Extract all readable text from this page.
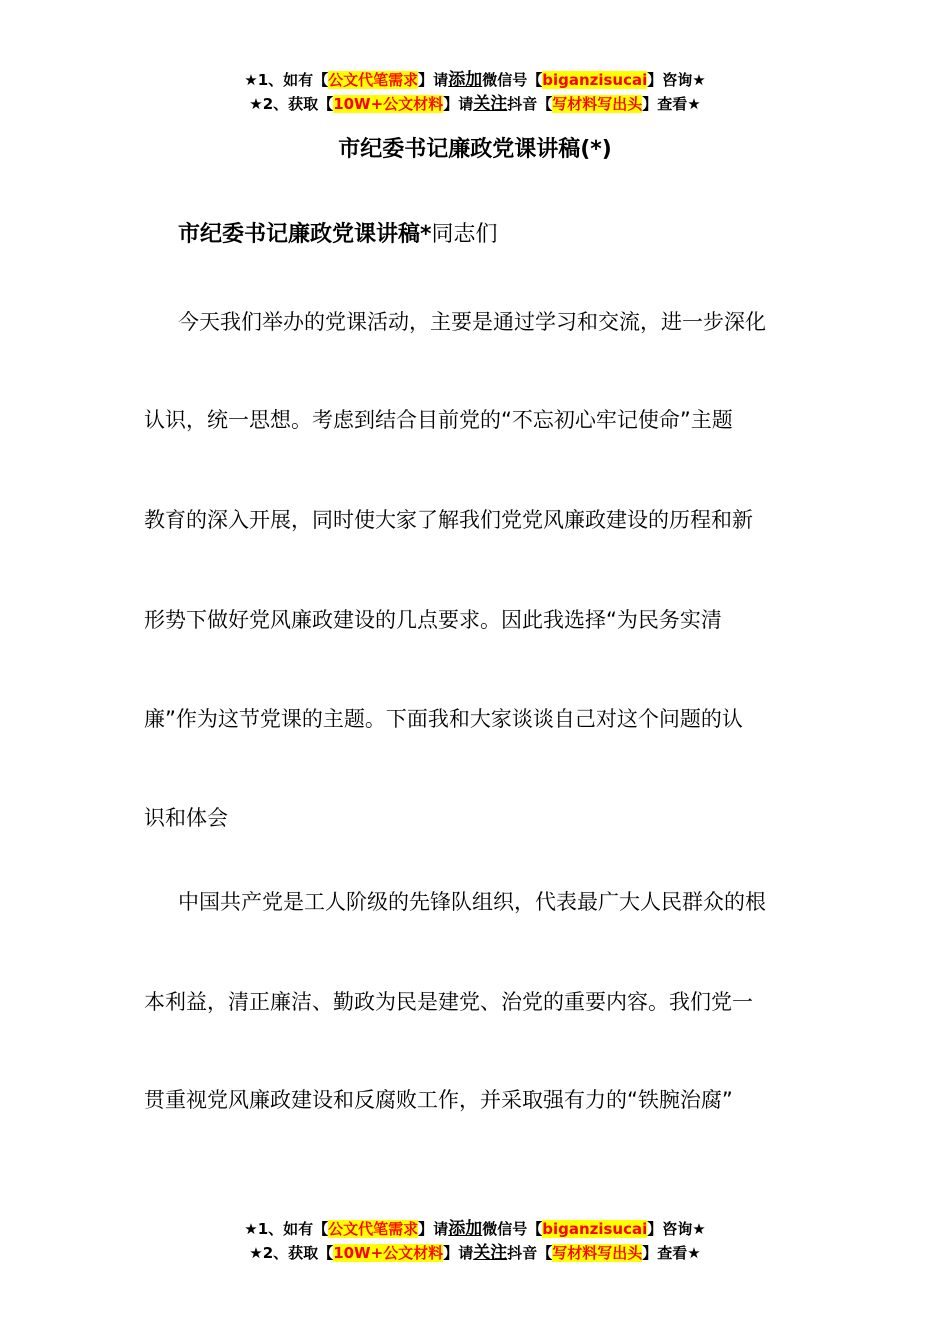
★1、如有【公文代笔需求】请添加微信号【biganzisucai】咨询★
★2、获取【10W+公文材料】请关注抖音【写材料写出头】查看★
市纪委书记廉政党课讲稿(*)
市纪委书记廉政党课讲稿*同志们
今天我们举办的党课活动，主要是通过学习和交流，进一步深化
认识，统一思想。考虑到结合目前党的“不忘初心牢记使命”主题
教育的深入开展，同时使大家了解我们党党风廉政建设的历程和新
形势下做好党风廉政建设的几点要求。因此我选择“为民务实清
廉”作为这节党课的主题。下面我和大家谈谈自己对这个问题的认
识和体会
中国共产党是工人阶级的先锋队组织，代表最广大人民群众的根
本利益，清正廉洁、勤政为民是建党、治党的重要内容。我们党一
贯重视党风廉政建设和反腐败工作，并采取强有力的“铁腕治腐”
★1、如有【公文代笔需求】请添加微信号【biganzisucai】咨询★
★2、获取【10W+公文材料】请关注抖音【写材料写出头】查看★
